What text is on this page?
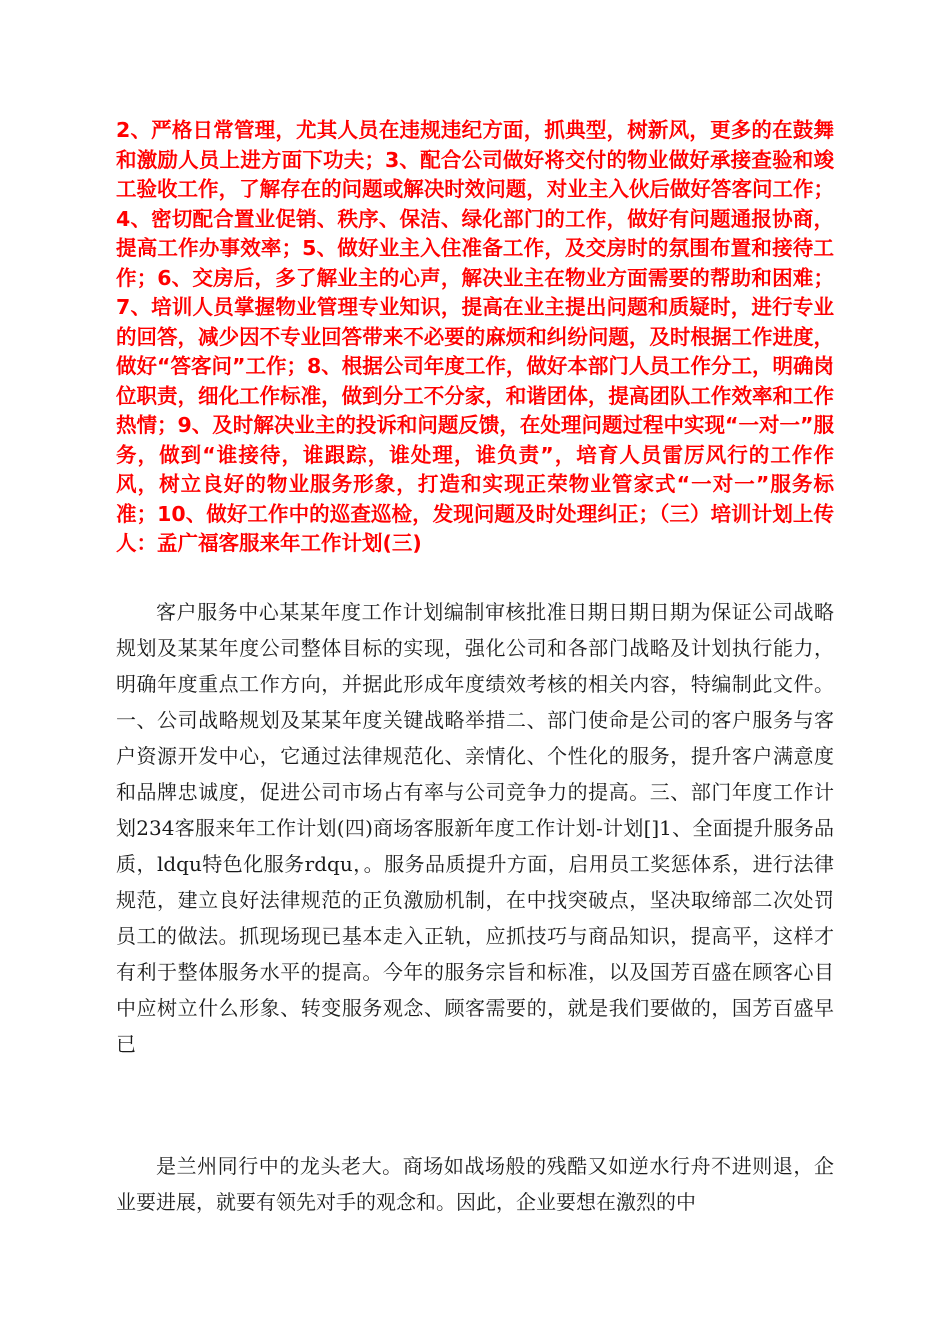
2、严格日常管理，尤其人员在违规违纪方面，抓典型，树新风，更多的在鼓舞和激励人员上进方面下功夫；3、配合公司做好将交付的物业做好承接查验和竣工验收工作，了解存在的问题或解决时效问题，对业主入伙后做好答客问工作；4、密切配合置业促销、秩序、保洁、绿化部门的工作，做好有问题通报协商，提高工作办事效率；5、做好业主入住准备工作，及交房时的氛围布置和接待工作；6、交房后，多了解业主的心声，解决业主在物业方面需要的帮助和困难；7、培训人员掌握物业管理专业知识，提高在业主提出问题和质疑时，进行专业的回答，减少因不专业回答带来不必要的麻烦和纠纷问题，及时根据工作进度，做好“答客问”工作；8、根据公司年度工作，做好本部门人员工作分工，明确岗位职责，细化工作标准，做到分工不分家，和谐团体，提高团队工作效率和工作热情；9、及时解决业主的投诉和问题反馈，在处理问题过程中实现“一对一”服务，做到“谁接待，谁跟踪，谁处理，谁负责”，培育人员雷厉风行的工作作风，树立良好的物业服务形象，打造和实现正荣物业管家式“一对一”服务标准；10、做好工作中的巡查巡检，发现问题及时处理纠正；（三）培训计划上传人：孟广福客服来年工作计划(三)

客户服务中心某某年度工作计划编制审核批准日期日期日期为保证公司战略规划及某某年度公司整体目标的实现，强化公司和各部门战略及计划执行能力，明确年度重点工作方向，并据此形成年度绩效考核的相关内容，特编制此文件。一、公司战略规划及某某年度关键战略举措二、部门使命是公司的客户服务与客户资源开发中心，它通过法律规范化、亲情化、个性化的服务，提升客户满意度和品牌忠诚度，促进公司市场占有率与公司竞争力的提高。三、部门年度工作计划234客服来年工作计划(四)商场客服新年度工作计划-计划[]1、全面提升服务品质，ldqu特色化服务rdqu，。服务品质提升方面，启用员工奖惩体系，进行法律规范，建立良好法律规范的正负激励机制，在中找突破点，坚决取缔部二次处罚员工的做法。抓现场现已基本走入正轨，应抓技巧与商品知识，提高平，这样才有利于整体服务水平的提高。今年的服务宗旨和标准，以及国芳百盛在顾客心目中应树立什么形象、转变服务观念、顾客需要的，就是我们要做的，国芳百盛早已

是兰州同行中的龙头老大。商场如战场般的残酷又如逆水行舟不进则退，企业要进展，就要有领先对手的观念和。因此，企业要想在激烈的中
